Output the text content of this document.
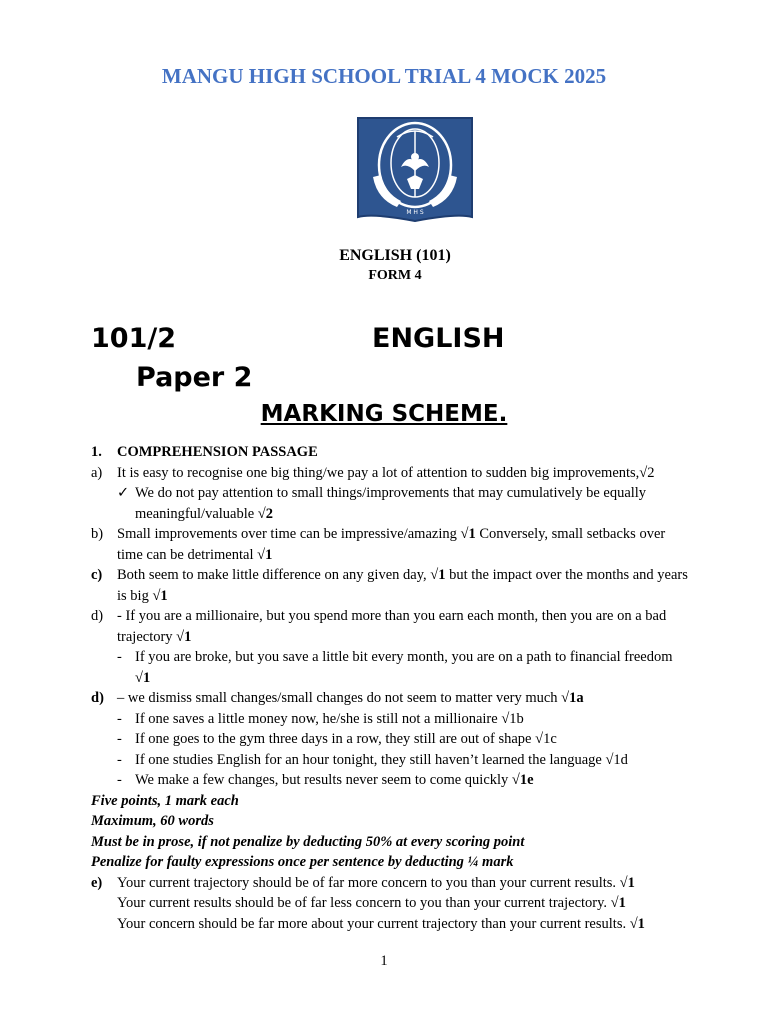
MANGU HIGH SCHOOL TRIAL 4 MOCK 2025
M H S
ENGLISH (101)
FORM 4
101/2	ENGLISH
Paper 2
MARKING SCHEME.
1.	COMPREHENSION PASSAGE
a)	It is easy to recognise one big thing/we pay a lot of attention to sudden big improvements,√2
✓ We do not pay attention to small things/improvements that may cumulatively be equally meaningful/valuable √2
b) Small improvements over time can be impressive/amazing √1 Conversely, small setbacks over time can be detrimental √1
c)	Both seem to make little difference on any given day, √1 but the impact over the months and years is big √1
d) - If you are a millionaire, but you spend more than you earn each month, then you are on a bad trajectory √1
- If you are broke, but you save a little bit every month, you are on a path to financial freedom √1
d) – we dismiss small changes/small changes do not seem to matter very much √1a
- If one saves a little money now, he/she is still not a millionaire √1b
- If one goes to the gym three days in a row, they still are out of shape √1c
- If one studies English for an hour tonight, they still haven’t learned the language √1d
- We make a few changes, but results never seem to come quickly √1e
Five points, 1 mark each
Maximum, 60 words
Must be in prose, if not penalize by deducting 50% at every scoring point
Penalize for faulty expressions once per sentence by deducting ¼ mark
e)	Your current trajectory should be of far more concern to you than your current results. √1
Your current results should be of far less concern to you than your current trajectory. √1
Your concern should be far more about your current trajectory than your current results. √1
1
